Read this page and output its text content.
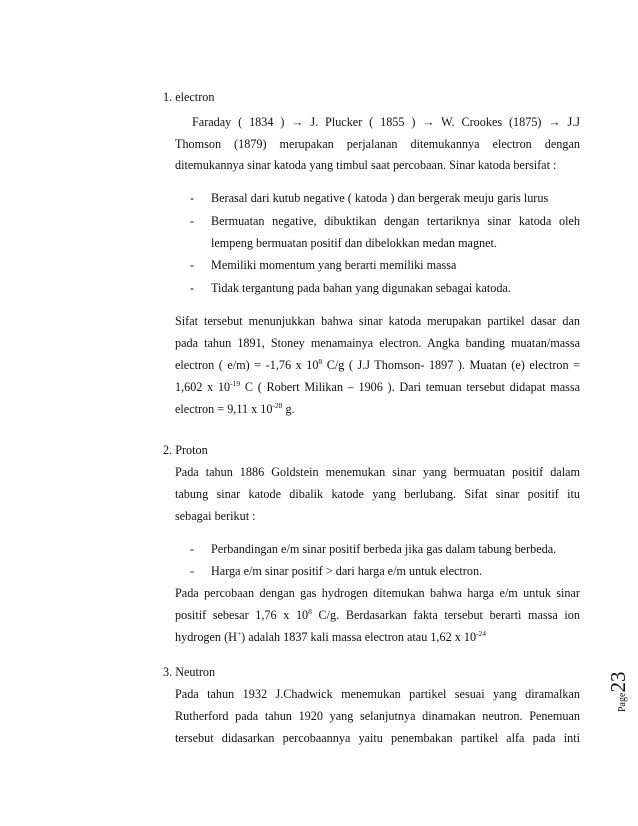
1. electron
Faraday ( 1834 ) → J. Plucker ( 1855 ) → W. Crookes (1875) → J.J
Thomson (1879) merupakan perjalanan ditemukannya electron dengan
ditemukannya sinar katoda yang timbul saat percobaan. Sinar katoda bersifat :
- Berasal dari kutub negative ( katoda ) dan bergerak meuju garis lurus
- Bermuatan negative, dibuktikan dengan tertariknya sinar katoda oleh
lempeng bermuatan positif dan dibelokkan medan magnet.
- Memiliki momentum yang berarti memiliki massa
- Tidak tergantung pada bahan yang digunakan sebagai katoda.
Sifat tersebut menunjukkan bahwa sinar katoda merupakan partikel dasar dan
pada tahun 1891, Stoney menamainya electron. Angka banding muatan/massa
electron ( e/m) = -1,76 x $10^8$ C/g ( J.J Thomson- 1897 ). Muatan (e) electron =
1,602 x $10^{-19}$ C ( Robert Milikan – 1906 ). Dari temuan tersebut didapat massa
electron = 9,11 x $10^{-28}$ g.
2. Proton
Pada tahun 1886 Goldstein menemukan sinar yang bermuatan positif dalam
tabung sinar katode dibalik katode yang berlubang. Sifat sinar positif itu
sebagai berikut :
- Perbandingan e/m sinar positif berbeda jika gas dalam tabung berbeda.
- Harga e/m sinar positif > dari harga e/m untuk electron.
Pada percobaan dengan gas hydrogen ditemukan bahwa harga e/m untuk sinar
positif sebesar 1,76 x $10^8$ C/g. Berdasarkan fakta tersebut berarti massa ion
hydrogen (H+) adalah 1837 kali massa electron atau 1,62 x $10^{-24}$
3. Neutron
Pada tahun 1932 J.Chadwick menemukan partikel sesuai yang diramalkan
Rutherford pada tahun 1920 yang selanjutnya dinamakan neutron. Penemuan
tersebut didasarkan percobaannya yaitu penembakan partikel alfa pada inti
Page23
